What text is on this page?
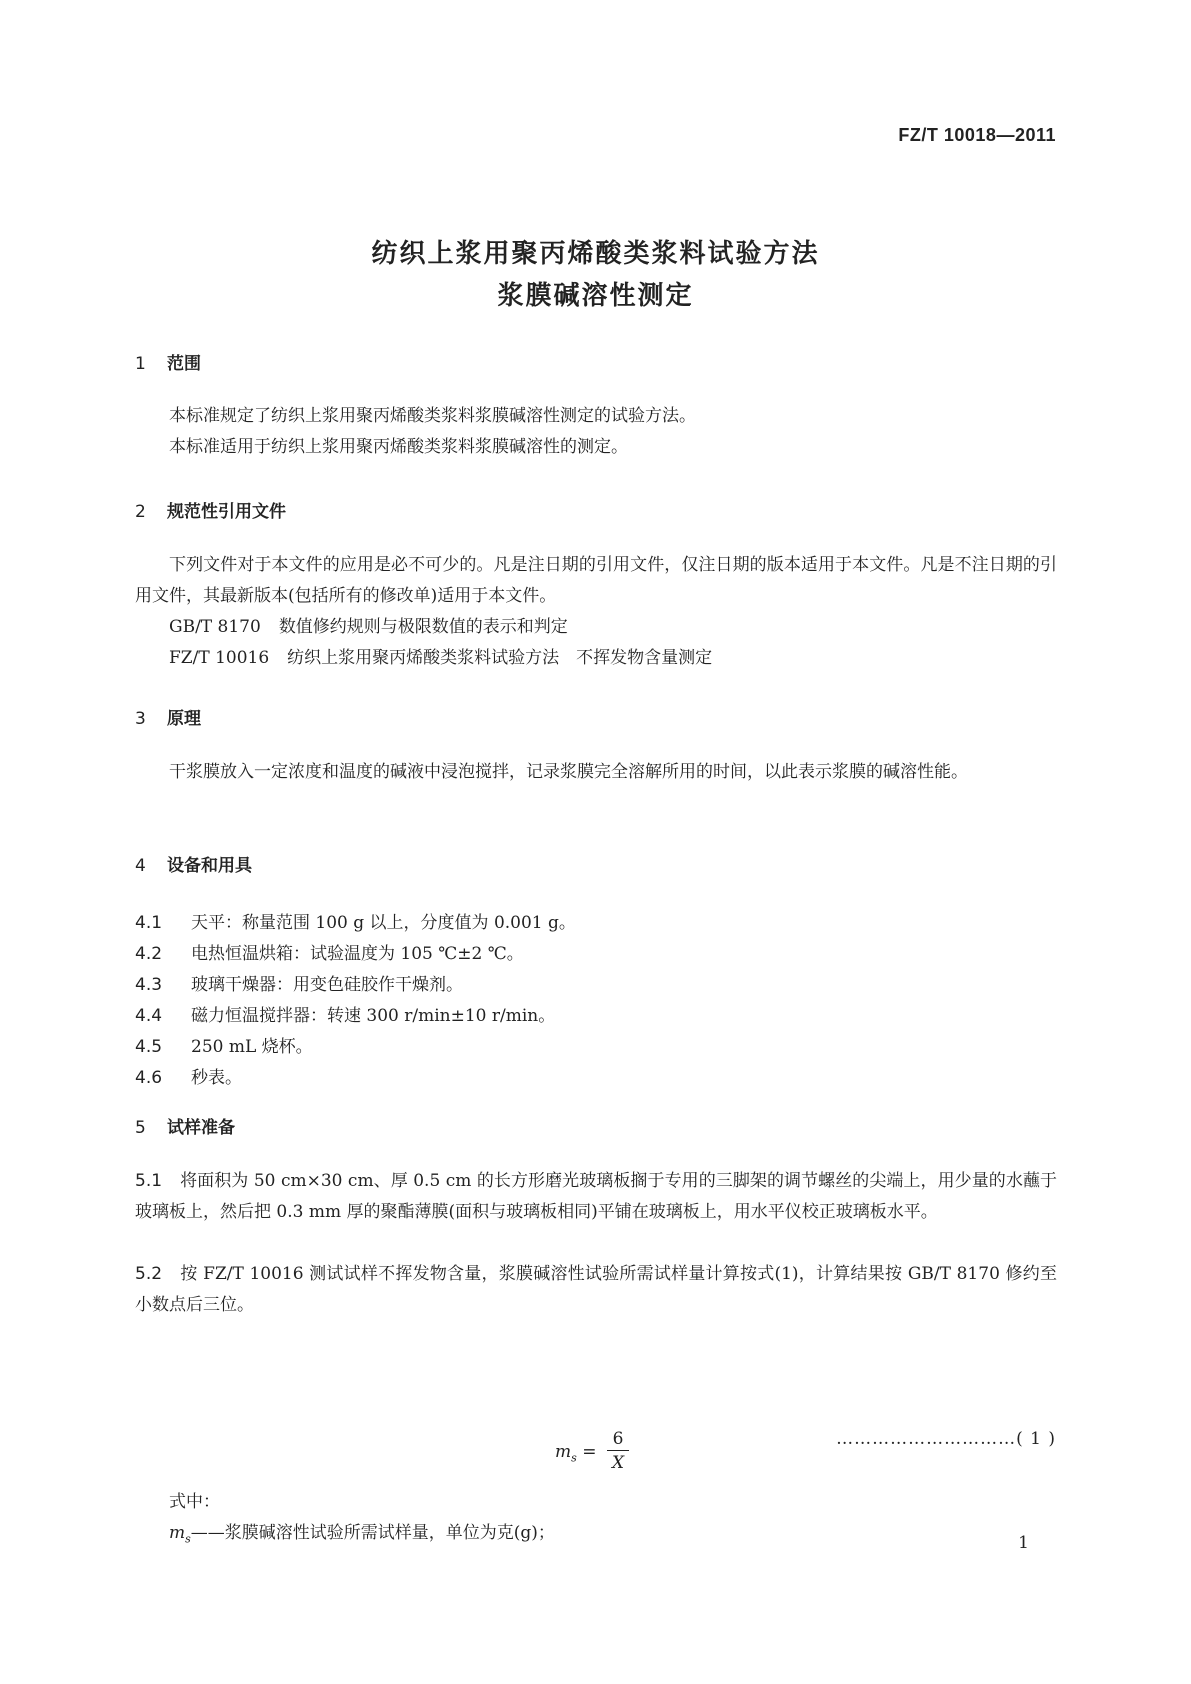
FZ/T 10018—2011
纺织上浆用聚丙烯酸类浆料试验方法
浆膜碱溶性测定
1 范围
本标准规定了纺织上浆用聚丙烯酸类浆料浆膜碱溶性测定的试验方法。
本标准适用于纺织上浆用聚丙烯酸类浆料浆膜碱溶性的测定。
2 规范性引用文件
下列文件对于本文件的应用是必不可少的。凡是注日期的引用文件，仅注日期的版本适用于本文件。凡是不注日期的引用文件，其最新版本(包括所有的修改单)适用于本文件。
GB/T 8170 数值修约规则与极限数值的表示和判定
FZ/T 10016 纺织上浆用聚丙烯酸类浆料试验方法　不挥发物含量测定
3 原理
干浆膜放入一定浓度和温度的碱液中浸泡搅拌，记录浆膜完全溶解所用的时间，以此表示浆膜的碱溶性能。
4 设备和用具
4.1 天平：称量范围 100 g 以上，分度值为 0.001 g。
4.2 电热恒温烘箱：试验温度为 105 ℃±2 ℃。
4.3 玻璃干燥器：用变色硅胶作干燥剂。
4.4 磁力恒温搅拌器：转速 300 r/min±10 r/min。
4.5 250 mL 烧杯。
4.6 秒表。
5 试样准备
5.1 将面积为 50 cm×30 cm、厚 0.5 cm 的长方形磨光玻璃板搁于专用的三脚架的调节螺丝的尖端上，用少量的水蘸于玻璃板上，然后把 0.3 mm 厚的聚酯薄膜(面积与玻璃板相同)平铺在玻璃板上，用水平仪校正玻璃板水平。
5.2 按 FZ/T 10016 测试试样不挥发物含量，浆膜碱溶性试验所需试样量计算按式(1)，计算结果按 GB/T 8170 修约至小数点后三位。
$m_s$ =
6
X
…………………………( 1 )
式中：
$m_s——$浆膜碱溶性试验所需试样量，单位为克(g)；	1
